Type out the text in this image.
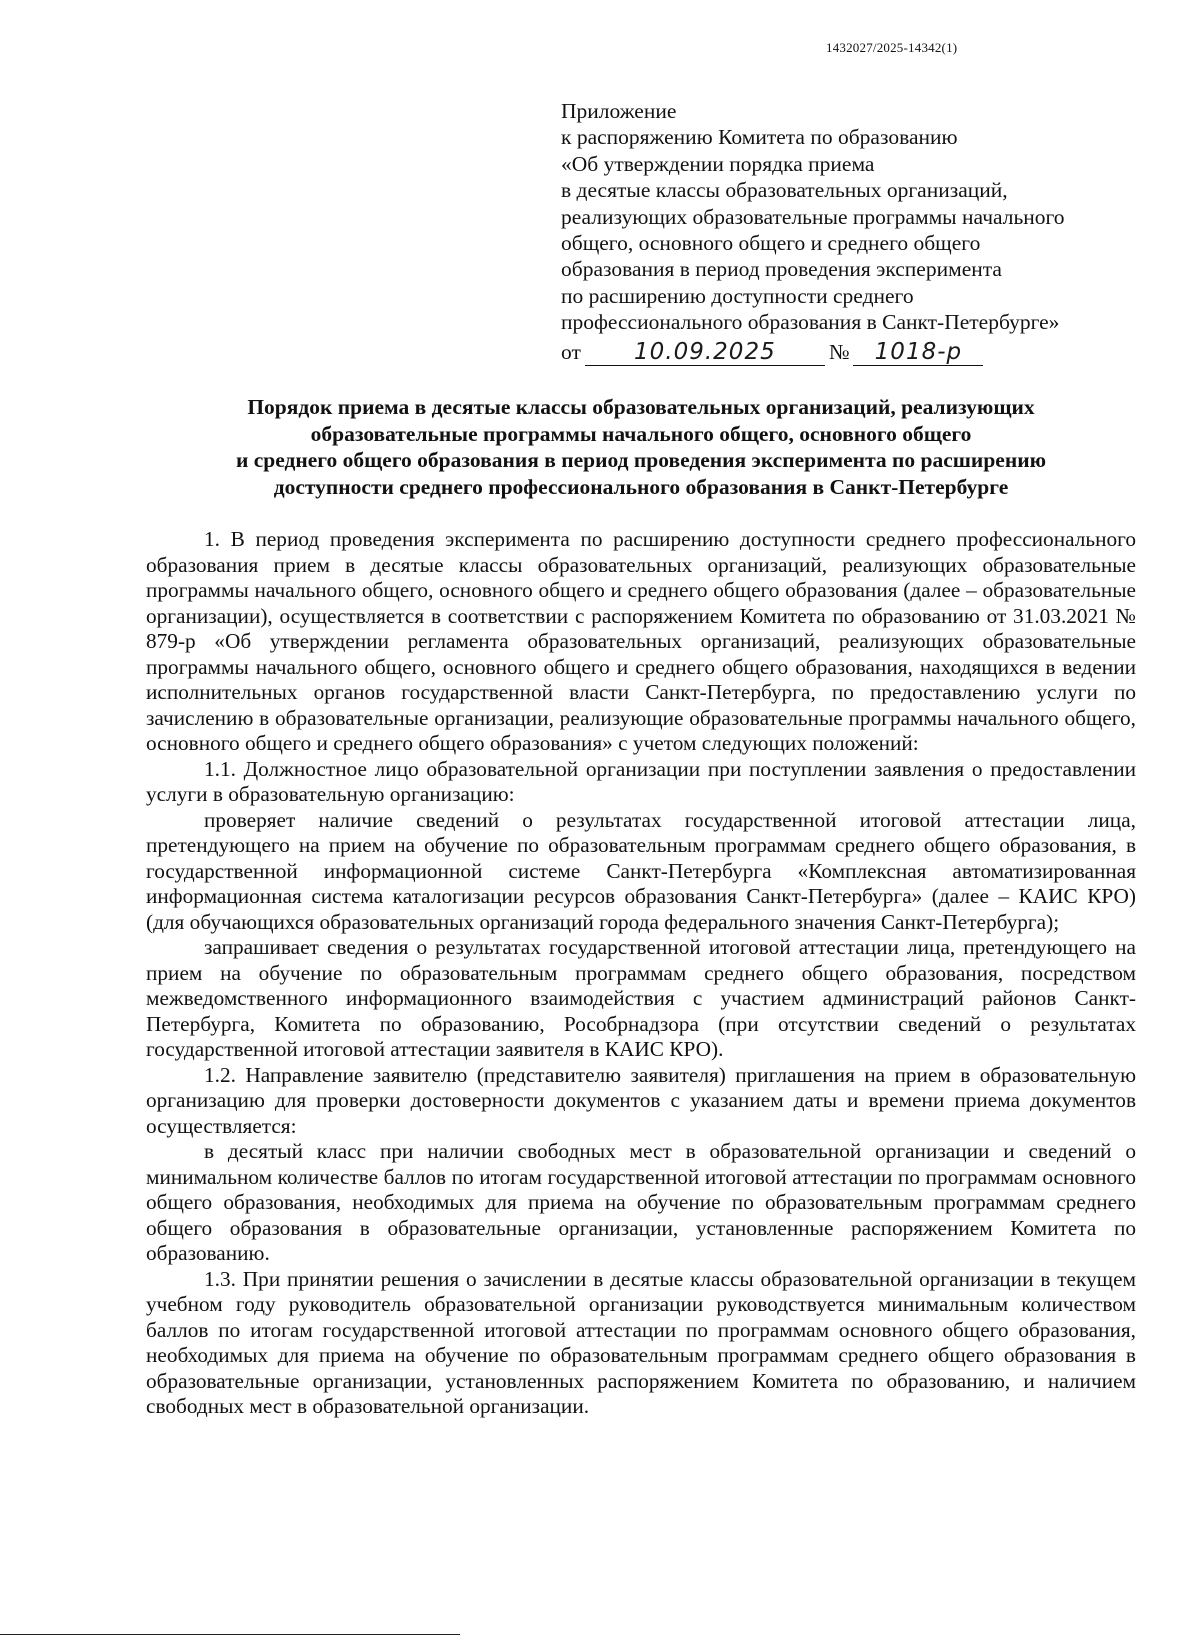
1432027/2025-14342(1)
Приложение
к распоряжению Комитета по образованию
«Об утверждении порядка приема
в десятые классы образовательных организаций,
реализующих образовательные программы начального
общего, основного общего и среднего общего
образования в период проведения эксперимента
по расширению доступности среднего
профессионального образования в Санкт-Петербурге»
от	10.09.2025	№	1018-р
Порядок приема в десятые классы образовательных организаций, реализующих
образовательные программы начального общего, основного общего
и среднего общего образования в период проведения эксперимента по расширению
доступности среднего профессионального образования в Санкт-Петербурге

1. В период проведения эксперимента по расширению доступности среднего профессионального образования прием в десятые классы образовательных организаций, реализующих образовательные программы начального общего, основного общего и среднего общего образования (далее – образовательные организации), осуществляется в соответствии с распоряжением Комитета по образованию от 31.03.2021 № 879-р «Об утверждении регламента образовательных организаций, реализующих образовательные программы начального общего, основного общего и среднего общего образования, находящихся в ведении исполнительных органов государственной власти Санкт-Петербурга, по предоставлению услуги по зачислению в образовательные организации, реализующие образовательные программы начального общего, основного общего и среднего общего образования» с учетом следующих положений:

1.1. Должностное лицо образовательной организации при поступлении заявления о предоставлении услуги в образовательную организацию:

проверяет наличие сведений о результатах государственной итоговой аттестации лица, претендующего на прием на обучение по образовательным программам среднего общего образования, в государственной информационной системе Санкт-Петербурга «Комплексная автоматизированная информационная система каталогизации ресурсов образования Санкт-Петербурга» (далее – КАИС КРО) (для обучающихся образовательных организаций города федерального значения Санкт-Петербурга);

запрашивает сведения о результатах государственной итоговой аттестации лица, претендующего на прием на обучение по образовательным программам среднего общего образования, посредством межведомственного информационного взаимодействия с участием администраций районов Санкт-Петербурга, Комитета по образованию, Рособрнадзора (при отсутствии сведений о результатах государственной итоговой аттестации заявителя в КАИС КРО).

1.2. Направление заявителю (представителю заявителя) приглашения на прием в образовательную организацию для проверки достоверности документов с указанием даты и времени приема документов осуществляется:

в десятый класс при наличии свободных мест в образовательной организации и сведений о минимальном количестве баллов по итогам государственной итоговой аттестации по программам основного общего образования, необходимых для приема на обучение по образовательным программам среднего общего образования в образовательные организации, установленные распоряжением Комитета по образованию.

1.3. При принятии решения о зачислении в десятые классы образовательной организации в текущем учебном году руководитель образовательной организации руководствуется минимальным количеством баллов по итогам государственной итоговой аттестации по программам основного общего образования, необходимых для приема на обучение по образовательным программам среднего общего образования в образовательные организации, установленных распоряжением Комитета по образованию, и наличием свободных мест в образовательной организации.
